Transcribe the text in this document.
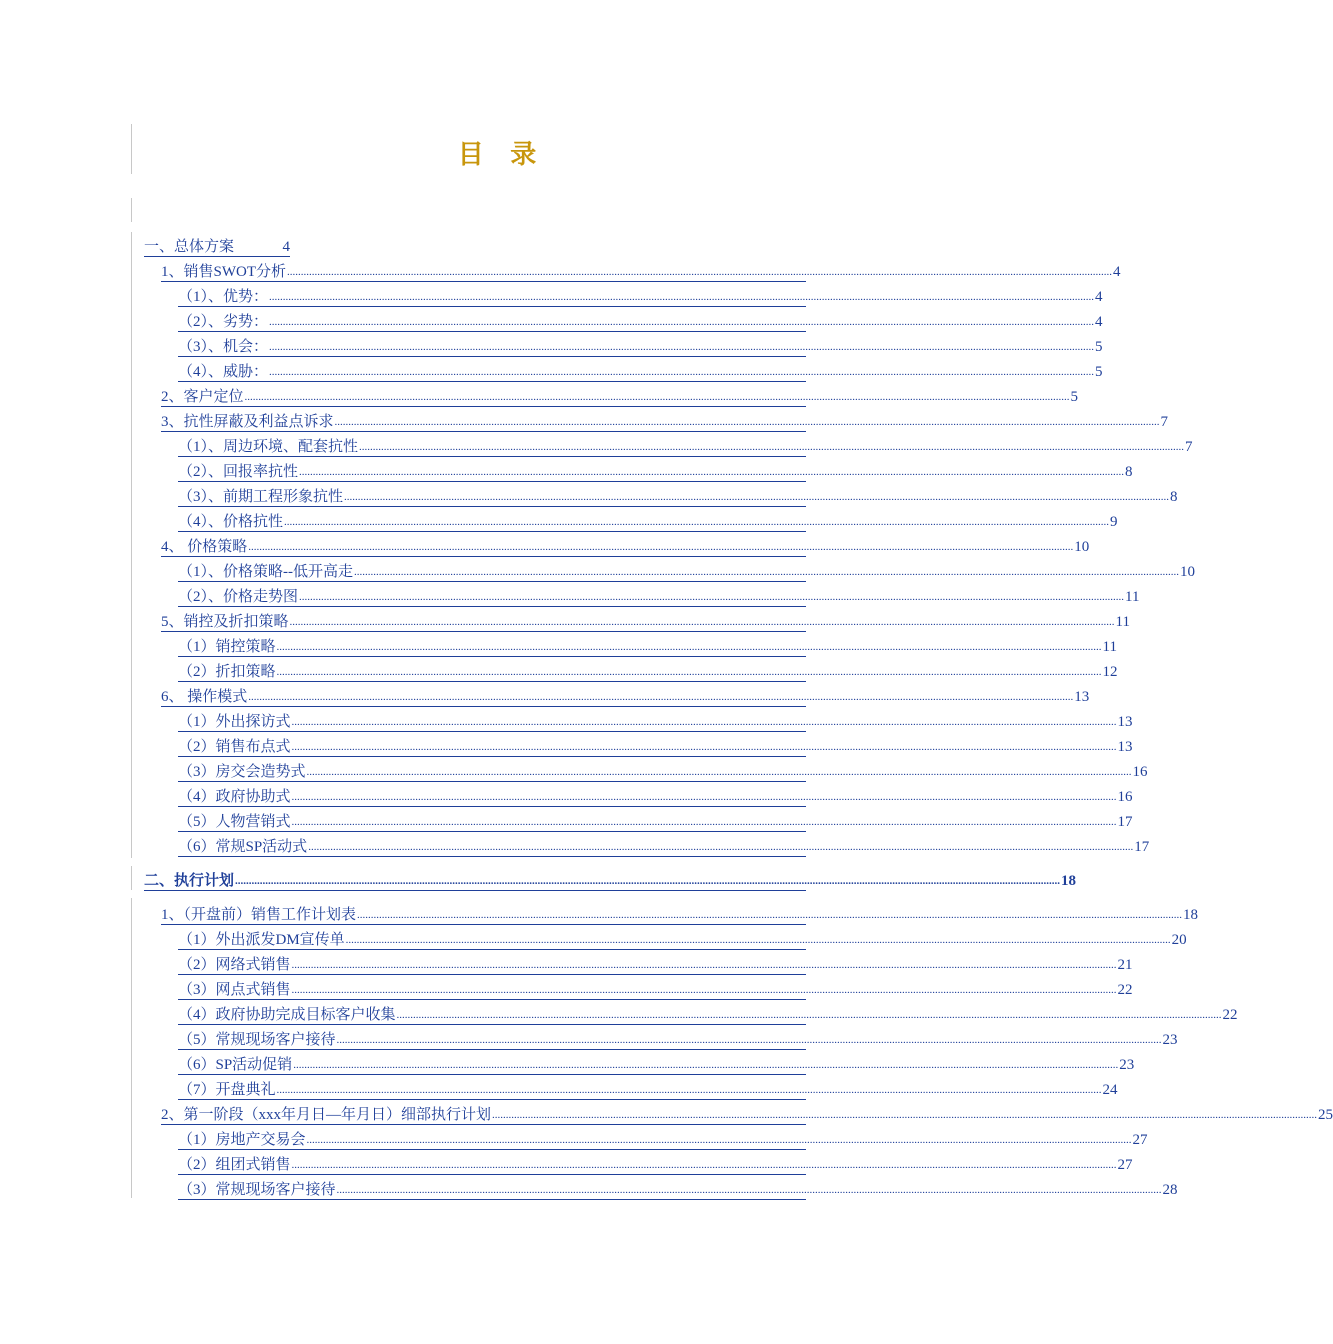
目 录
一、总体方案	4
1、销售SWOT分析 ............................................................................................................................................................................................................................................................................................................ 4
（1）、优势： ............................................................................................................................................................................................................................................................................................................ 4
（2）、劣势： ............................................................................................................................................................................................................................................................................................................ 4
（3）、机会： ............................................................................................................................................................................................................................................................................................................ 5
（4）、威胁： ............................................................................................................................................................................................................................................................................................................ 5
2、客户定位 ............................................................................................................................................................................................................................................................................................................ 5
3、抗性屏蔽及利益点诉求 ............................................................................................................................................................................................................................................................................................................ 7
（1）、周边环境、配套抗性 ............................................................................................................................................................................................................................................................................................................ 7
（2）、回报率抗性 ............................................................................................................................................................................................................................................................................................................ 8
（3）、前期工程形象抗性 ............................................................................................................................................................................................................................................................................................................ 8
（4）、价格抗性 ............................................................................................................................................................................................................................................................................................................ 9
4、 价格策略 ............................................................................................................................................................................................................................................................................................................ 10
（1）、价格策略--低开高走 ............................................................................................................................................................................................................................................................................................................ 10
（2）、价格走势图 ............................................................................................................................................................................................................................................................................................................ 11
5、销控及折扣策略 ............................................................................................................................................................................................................................................................................................................ 11
（1）销控策略 ............................................................................................................................................................................................................................................................................................................ 11
（2）折扣策略 ............................................................................................................................................................................................................................................................................................................ 12
6、 操作模式 ............................................................................................................................................................................................................................................................................................................ 13
（1）外出探访式 ............................................................................................................................................................................................................................................................................................................ 13
（2）销售布点式 ............................................................................................................................................................................................................................................................................................................ 13
（3）房交会造势式 ............................................................................................................................................................................................................................................................................................................ 16
（4）政府协助式 ............................................................................................................................................................................................................................................................................................................ 16
（5）人物营销式 ............................................................................................................................................................................................................................................................................................................ 17
（6）常规SP活动式 ............................................................................................................................................................................................................................................................................................................ 17
二、执行计划 ............................................................................................................................................................................................................................................................................................................ 18
1、（开盘前）销售工作计划表 ............................................................................................................................................................................................................................................................................................................ 18
（1）外出派发DM宣传单 ............................................................................................................................................................................................................................................................................................................ 20
（2）网络式销售 ............................................................................................................................................................................................................................................................................................................ 21
（3）网点式销售 ............................................................................................................................................................................................................................................................................................................ 22
（4）政府协助完成目标客户收集 ............................................................................................................................................................................................................................................................................................................ 22
（5）常规现场客户接待 ............................................................................................................................................................................................................................................................................................................ 23
（6）SP活动促销 ............................................................................................................................................................................................................................................................................................................ 23
（7）开盘典礼 ............................................................................................................................................................................................................................................................................................................ 24
2、第一阶段（xxx年月日—年月日）细部执行计划 ............................................................................................................................................................................................................................................................................................................ 25
（1）房地产交易会 ............................................................................................................................................................................................................................................................................................................ 27
（2）组团式销售 ............................................................................................................................................................................................................................................................................................................ 27
（3）常规现场客户接待 ............................................................................................................................................................................................................................................................................................................ 28
